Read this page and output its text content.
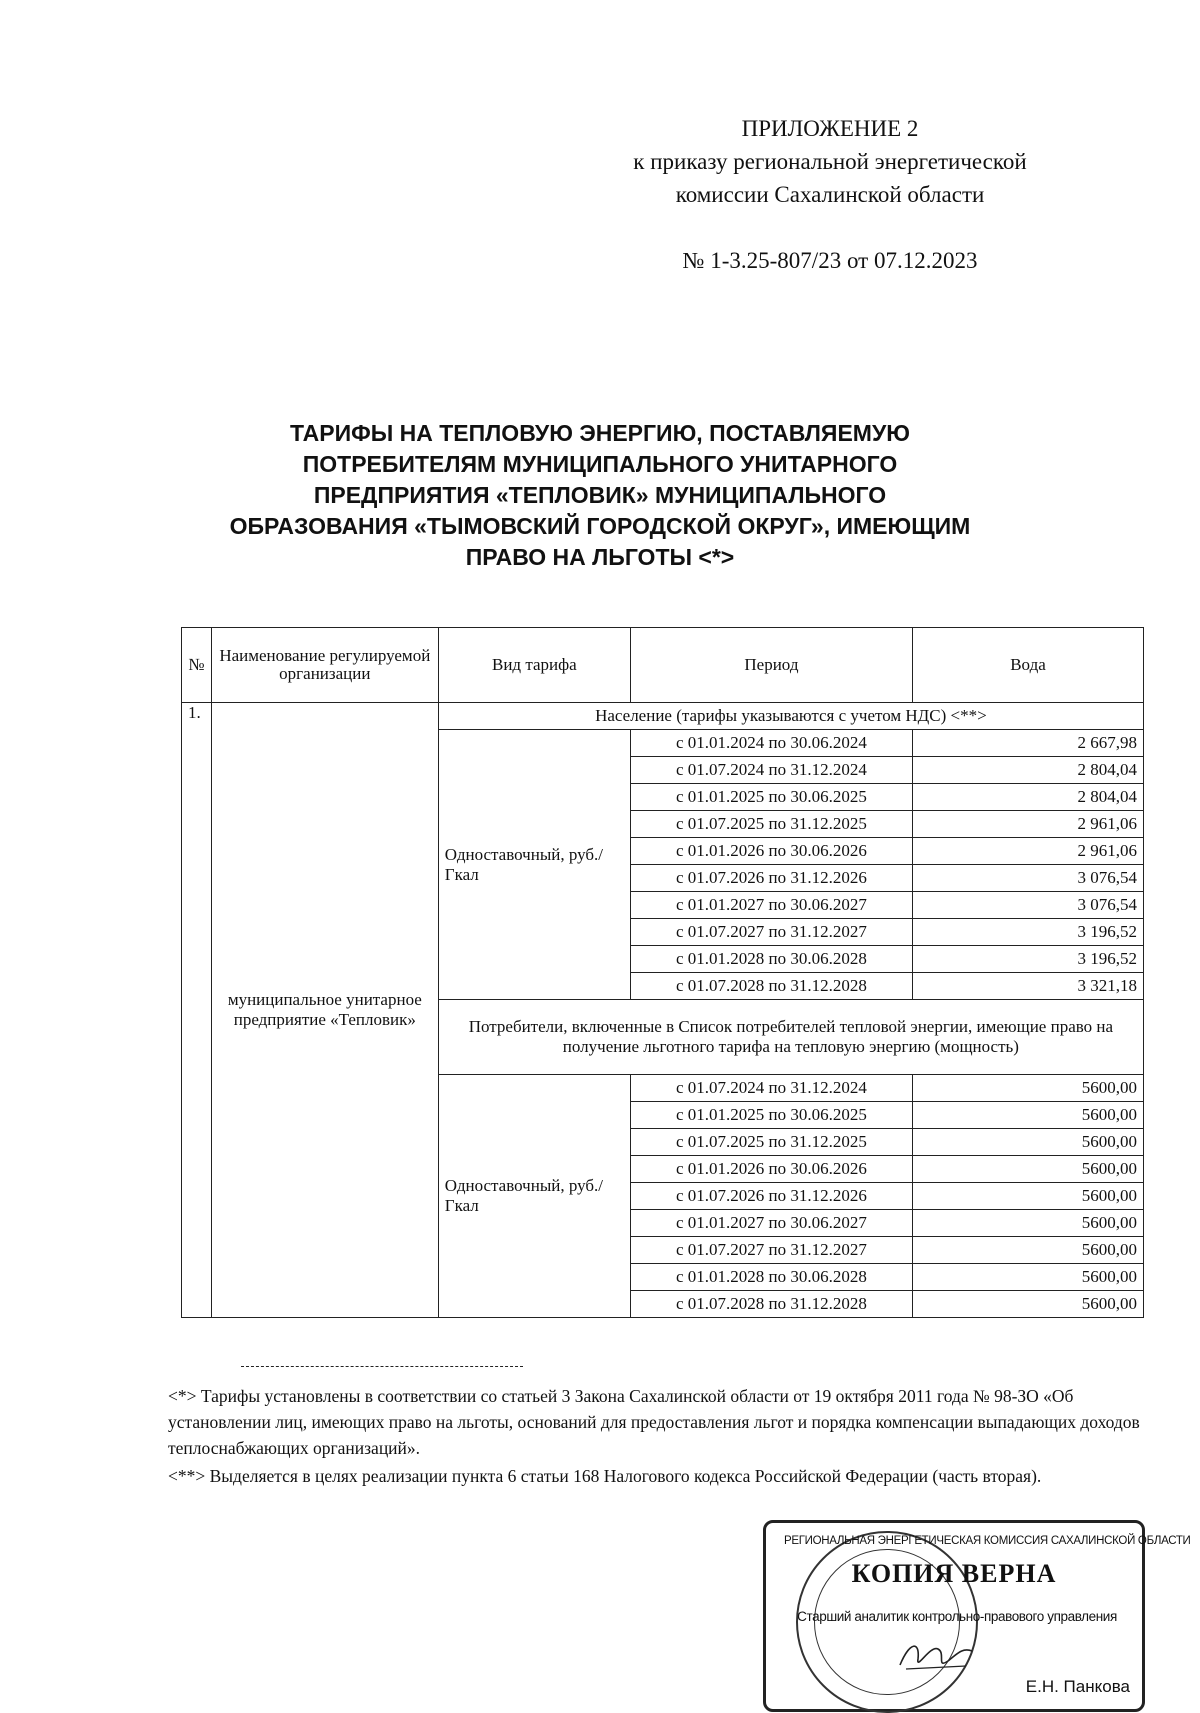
ПРИЛОЖЕНИЕ 2
к приказу региональной энергетической
комиссии Сахалинской области
№ 1-3.25-807/23 от 07.12.2023
ТАРИФЫ НА ТЕПЛОВУЮ ЭНЕРГИЮ, ПОСТАВЛЯЕМУЮ
ПОТРЕБИТЕЛЯМ МУНИЦИПАЛЬНОГО УНИТАРНОГО
ПРЕДПРИЯТИЯ «ТЕПЛОВИК» МУНИЦИПАЛЬНОГО
ОБРАЗОВАНИЯ «ТЫМОВСКИЙ ГОРОДСКОЙ ОКРУГ», ИМЕЮЩИМ
ПРАВО НА ЛЬГОТЫ <*>
№	Наименование регулируемой организации	Вид тарифа	Период	Вода
1.	муниципальное унитарное предприятие «Тепловик»	Население (тарифы указываются с учетом НДС) <**>		
		Одноставочный, руб./Гкал	с 01.01.2024 по 30.06.2024	2 667,98
			с 01.07.2024 по 31.12.2024	2 804,04
			с 01.01.2025 по 30.06.2025	2 804,04
			с 01.07.2025 по 31.12.2025	2 961,06
			с 01.01.2026 по 30.06.2026	2 961,06
			с 01.07.2026 по 31.12.2026	3 076,54
			с 01.01.2027 по 30.06.2027	3 076,54
			с 01.07.2027 по 31.12.2027	3 196,52
			с 01.01.2028 по 30.06.2028	3 196,52
			с 01.07.2028 по 31.12.2028	3 321,18
		Потребители, включенные в Список потребителей тепловой энергии, имеющие право на получение льготного тарифа на тепловую энергию (мощность)		
		Одноставочный, руб./Гкал	с 01.07.2024 по 31.12.2024	5600,00
			с 01.01.2025 по 30.06.2025	5600,00
			с 01.07.2025 по 31.12.2025	5600,00
			с 01.01.2026 по 30.06.2026	5600,00
			с 01.07.2026 по 31.12.2026	5600,00
			с 01.01.2027 по 30.06.2027	5600,00
			с 01.07.2027 по 31.12.2027	5600,00
			с 01.01.2028 по 30.06.2028	5600,00
			с 01.07.2028 по 31.12.2028	5600,00
<*> Тарифы установлены в соответствии со статьей 3 Закона Сахалинской области от 19 октября 2011 года № 98-ЗО «Об установлении лиц, имеющих право на льготы, оснований для предоставления льгот и порядка компенсации выпадающих доходов теплоснабжающих организаций».
<**> Выделяется в целях реализации пункта 6 статьи 168 Налогового кодекса Российской Федерации (часть вторая).
РЕГИОНАЛЬНАЯ ЭНЕРГЕТИЧЕСКАЯ КОМИССИЯ САХАЛИНСКОЙ ОБЛАСТИ
КОПИЯ ВЕРНА
Старший аналитик контрольно-правового управления
Е.Н. Панкова
